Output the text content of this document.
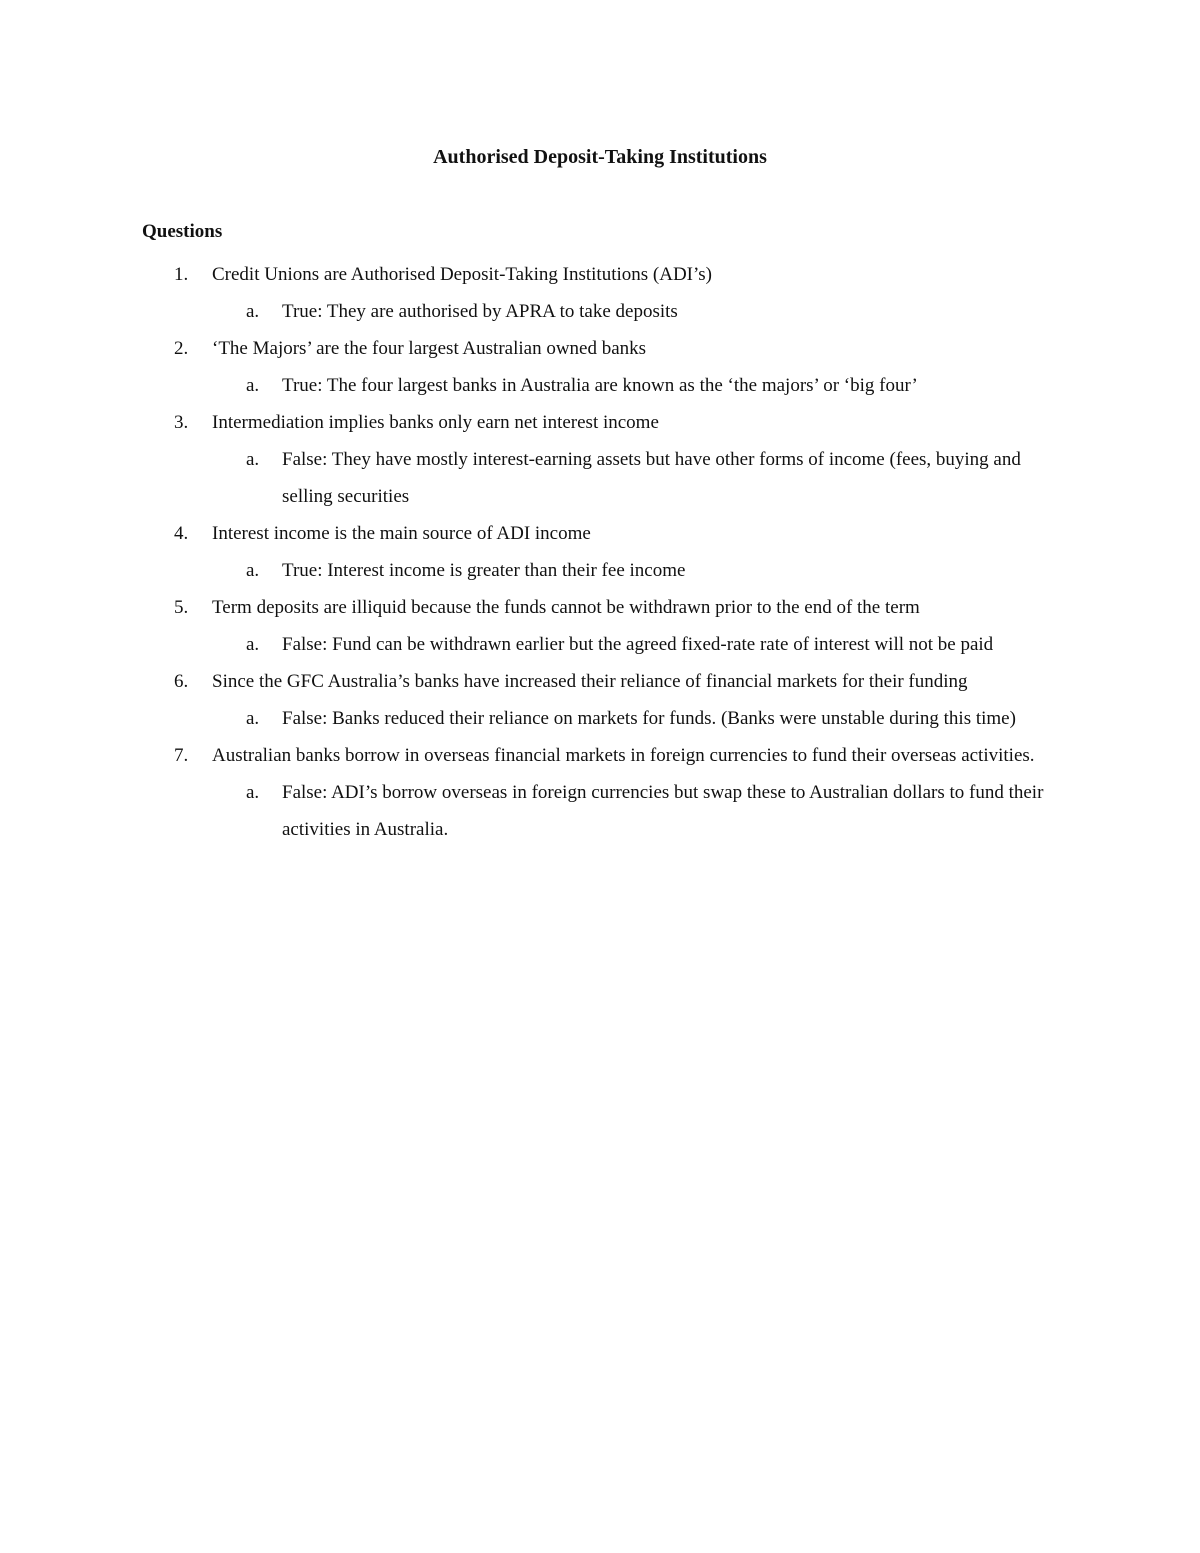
Authorised Deposit-Taking Institutions
Questions
1. Credit Unions are Authorised Deposit-Taking Institutions (ADI’s)
a. True: They are authorised by APRA to take deposits
2. ‘The Majors’ are the four largest Australian owned banks
a. True: The four largest banks in Australia are known as the ‘the majors’ or ‘big four’
3. Intermediation implies banks only earn net interest income
a. False: They have mostly interest-earning assets but have other forms of income (fees, buying and selling securities
4. Interest income is the main source of ADI income
a. True: Interest income is greater than their fee income
5. Term deposits are illiquid because the funds cannot be withdrawn prior to the end of the term
a. False: Fund can be withdrawn earlier but the agreed fixed-rate rate of interest will not be paid
6. Since the GFC Australia’s banks have increased their reliance of financial markets for their funding
a. False: Banks reduced their reliance on markets for funds. (Banks were unstable during this time)
7. Australian banks borrow in overseas financial markets in foreign currencies to fund their overseas activities.
a. False: ADI’s borrow overseas in foreign currencies but swap these to Australian dollars to fund their activities in Australia.
